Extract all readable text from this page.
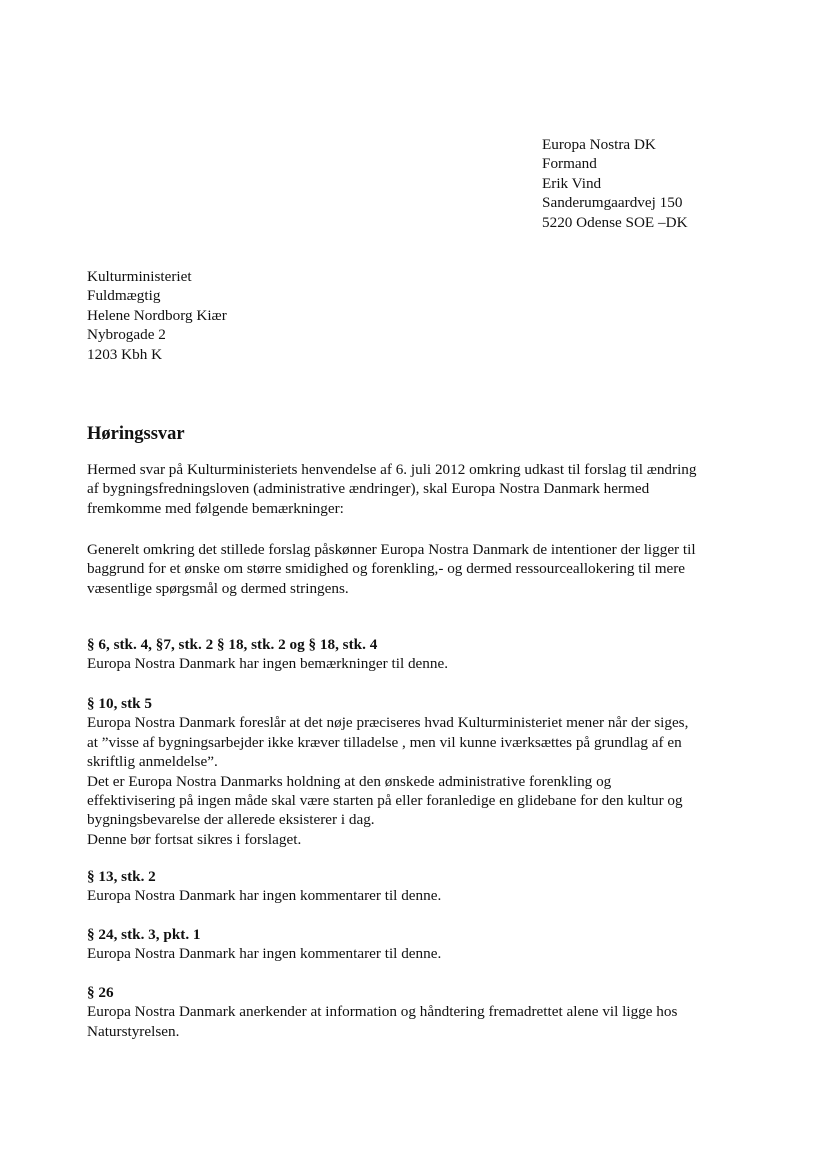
Europa Nostra DK
Formand
Erik Vind
Sanderumgaardvej 150
5220 Odense SOE –DK
Kulturministeriet
Fuldmægtig
Helene Nordborg Kiær
Nybrogade 2
1203 Kbh K
Høringssvar
Hermed svar på Kulturministeriets henvendelse af 6. juli 2012 omkring udkast til forslag til ændring
af bygningsfredningsloven (administrative ændringer), skal Europa Nostra Danmark hermed
fremkomme med følgende bemærkninger:
Generelt omkring det stillede forslag påskønner Europa Nostra Danmark de intentioner der ligger til
baggrund for et ønske om større smidighed og forenkling,- og dermed ressourceallokering til mere
væsentlige spørgsmål og dermed stringens.
§ 6, stk. 4, §7, stk. 2 § 18, stk. 2 og § 18, stk. 4
Europa Nostra Danmark har ingen bemærkninger til denne.
§ 10, stk 5
Europa Nostra Danmark foreslår at det nøje præciseres hvad Kulturministeriet mener når der siges,
at ”visse af bygningsarbejder ikke kræver tilladelse , men vil kunne iværksættes på grundlag af en
skriftlig anmeldelse”.
Det er Europa Nostra Danmarks holdning at den ønskede administrative forenkling og
effektivisering på ingen måde skal være starten på eller foranledige en glidebane for den kultur og
bygningsbevarelse der allerede eksisterer i dag.
Denne bør fortsat sikres i forslaget.
§ 13, stk. 2
Europa Nostra Danmark har ingen kommentarer til denne.
§ 24, stk. 3, pkt. 1
Europa Nostra Danmark har ingen kommentarer til denne.
§ 26
Europa Nostra Danmark anerkender at information og håndtering fremadrettet alene vil ligge hos
Naturstyrelsen.
